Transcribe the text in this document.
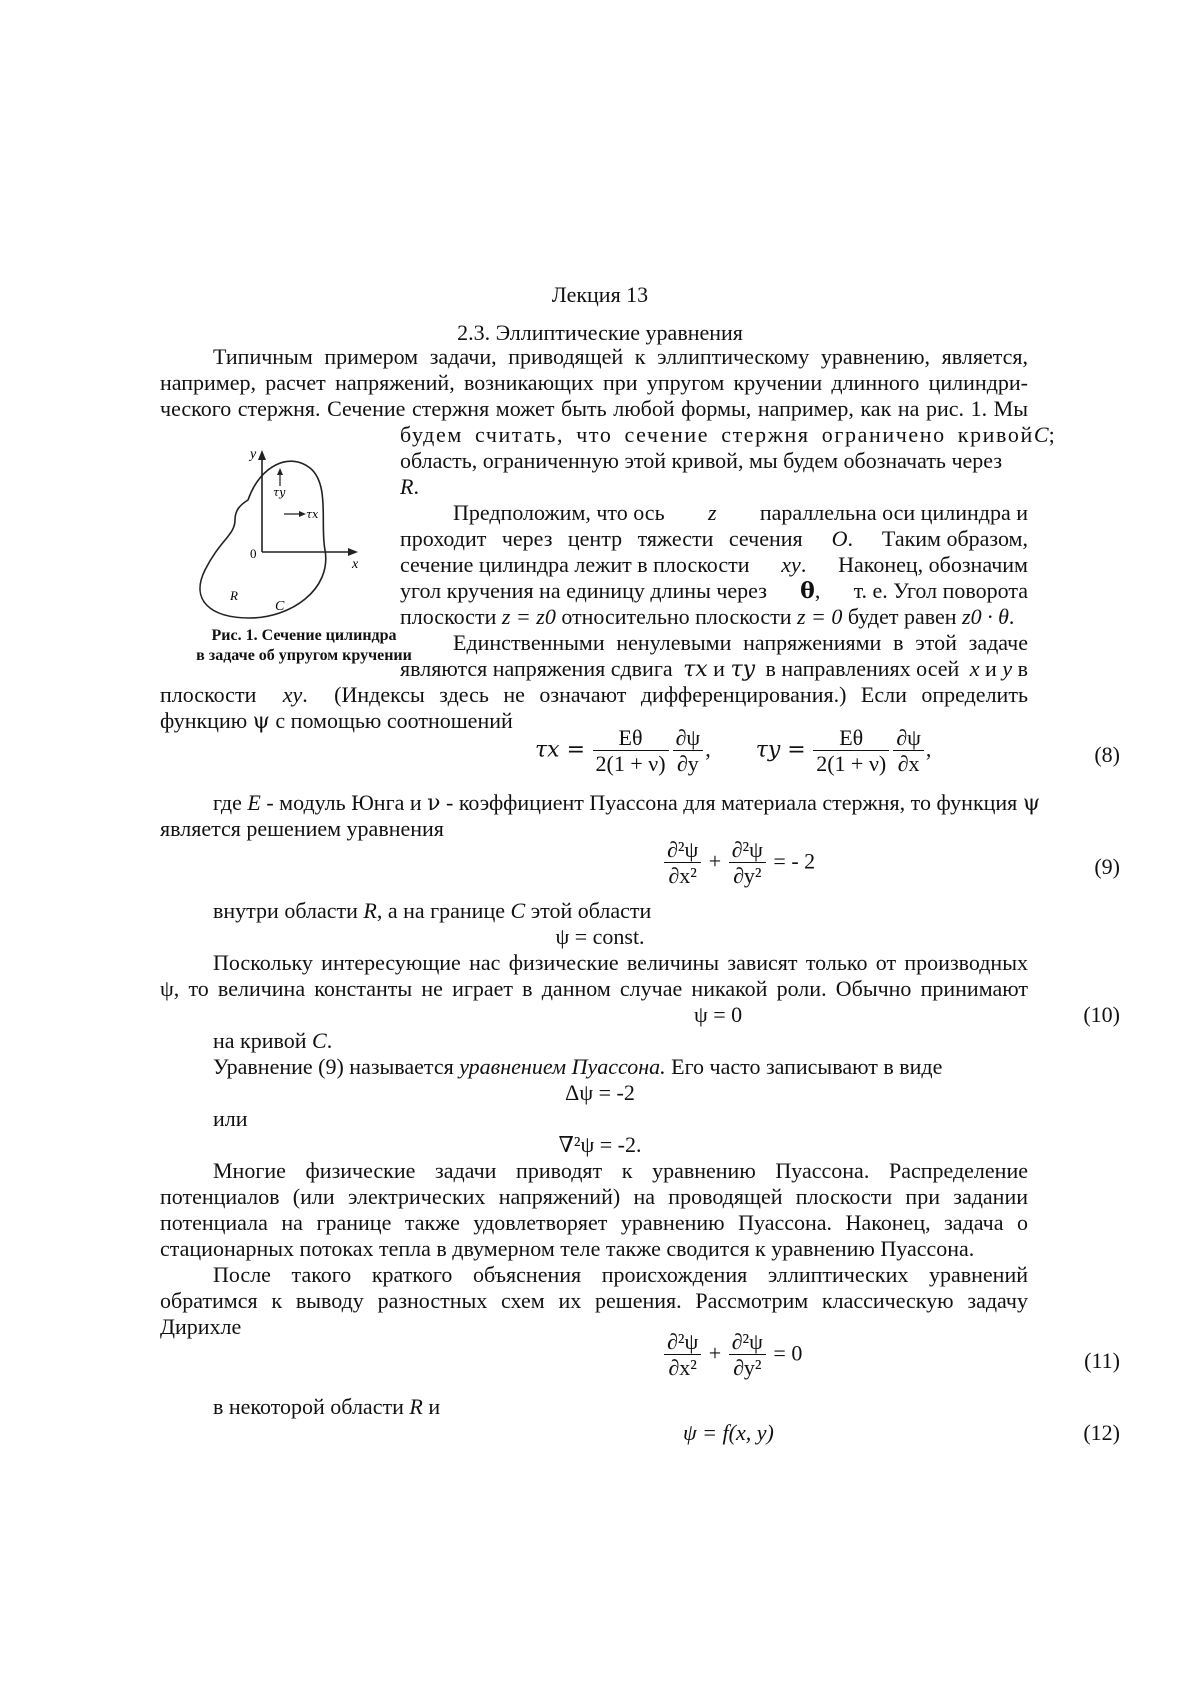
Лекция 13
2.3. Эллиптические уравнения
Типичным примером задачи, приводящей к эллиптическому уравнению, является,
например, расчет напряжений, возникающих при упругом кручении длинного цилиндри-
ческого стержня. Сечение стержня может быть любой формы, например, как на рис. 1. Мы
будем считать, что сечение стержня ограничено кривой C;
область, ограниченную этой кривой, мы будем обозначать через
R.
Предположим, что ось z параллельна оси цилиндра и
проходит через центр тяжести сечения O. Таким образом,
сечение цилиндра лежит в плоскости xy. Наконец, обозначим
угол кручения на единицу длины через θ, т. е. Угол поворота
плоскости z = z0 относительно плоскости z = 0 будет равен z0 · θ.
Единственными ненулевыми напряжениями в этой задаче
являются напряжения сдвига τx и τy в направлениях осей x и y в
плоскости xy. (Индексы здесь не означают дифференцирования.) Если определить
функцию ψ с помощью соотношений
$\tau x = \frac{E\theta}{2(1 + \nu)} \frac{\partial\psi}{\partial y}$ ,  $\tau y = \frac{E\theta}{2(1 + \nu)} \frac{\partial\psi}{\partial x}$ ,	(8)
где E - модуль Юнга и ν - коэффициент Пуассона для материала стержня, то функция ψ
является решением уравнения
$\frac{\text{∂²ψ}}{\text{∂x²}} + \frac{\text{∂²ψ}}{\text{∂y²}}$ = - 2	(9)
внутри области R, а на границе C этой области
ψ = const.
Поскольку интересующие нас физические величины зависят только от производных
ψ, то величина константы не играет в данном случае никакой роли. Обычно принимают
ψ = 0	(10)
на кривой C.
Уравнение (9) называется уравнением Пуассона. Его часто записывают в виде
Δψ = -2
или
∇²ψ = -2.
Многие физические задачи приводят к уравнению Пуассона. Распределение
потенциалов (или электрических напряжений) на проводящей плоскости при задании
потенциала на границе также удовлетворяет уравнению Пуассона. Наконец, задача о
стационарных потоках тепла в двумерном теле также сводится к уравнению Пуассона.
После такого краткого объяснения происхождения эллиптических уравнений
обратимся к выводу разностных схем их решения. Рассмотрим классическую задачу
Дирихле
$\frac{\text{∂²ψ}}{\text{∂x²}} + \frac{\text{∂²ψ}}{\text{∂y²}} = 0$	(11)
в некоторой области R и
ψ = f(x, y)	(12)
y
x
0
τy
τx
R
C
Рис. 1. Сечение цилиндра
в задаче об упругом кручении
